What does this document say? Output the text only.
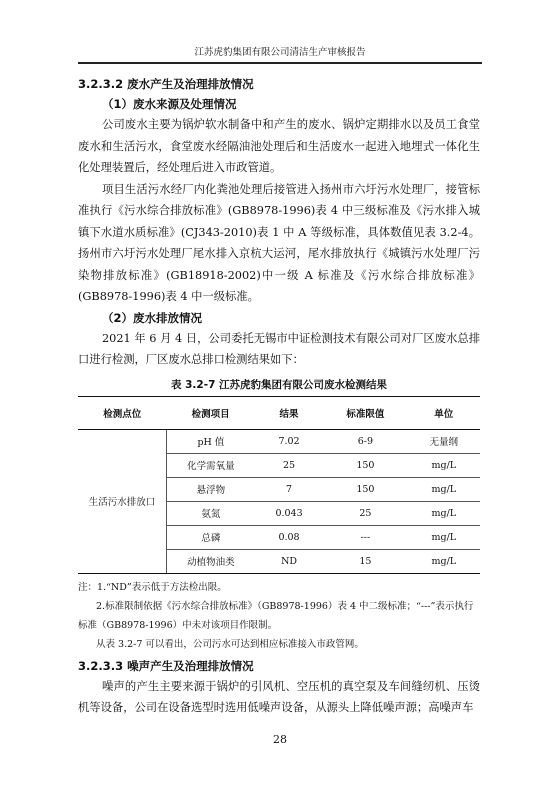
江苏虎豹集团有限公司清洁生产审核报告
3.2.3.2 废水产生及治理排放情况
（1）废水来源及处理情况

公司废水主要为锅炉软水制备中和产生的废水、锅炉定期排水以及员工食堂废水和生活污水，食堂废水经隔油池处理后和生活废水一起进入地埋式一体化生化处理装置后，经处理后进入市政管道。

项目生活污水经厂内化粪池处理后接管进入扬州市六圩污水处理厂，接管标准执行《污水综合排放标准》(GB8978-1996)表 4 中三级标准及《污水排入城镇下水道水质标准》(CJ343-2010)表 1 中 A 等级标准，具体数值见表 3.2-4。扬州市六圩污水处理厂尾水排入京杭大运河，尾水排放执行《城镇污水处理厂污染物排放标准》(GB18918-2002)中一级 A 标准及《污水综合排放标准》(GB8978-1996)表 4 中一级标准。

（2）废水排放情况

2021 年 6 月 4 日，公司委托无锡市中证检测技术有限公司对厂区废水总排口进行检测，厂区废水总排口检测结果如下：

表 3.2-7 江苏虎豹集团有限公司废水检测结果
检测点位	检测项目	结果	标准限值	单位
生活污水排放口	pH 值	7.02	6-9	无量纲
	化学需氧量	25	150	mg/L
	悬浮物	7	150	mg/L
	氨氮	0.043	25	mg/L
	总磷	0.08	---	mg/L
	动植物油类	ND	15	mg/L

注：1.“ND”表示低于方法检出限。

2.标准限制依据《污水综合排放标准》（GB8978-1996）表 4 中二级标准；“---”表示执行标准（GB8978-1996）中未对该项目作限制。

从表 3.2-7 可以看出，公司污水可达到相应标准接入市政管网。

3.2.3.3 噪声产生及治理排放情况

噪声的产生主要来源于锅炉的引风机、空压机的真空泵及车间缝纫机、压烫机等设备，公司在设备选型时选用低噪声设备，从源头上降低噪声源；高噪声车

28
